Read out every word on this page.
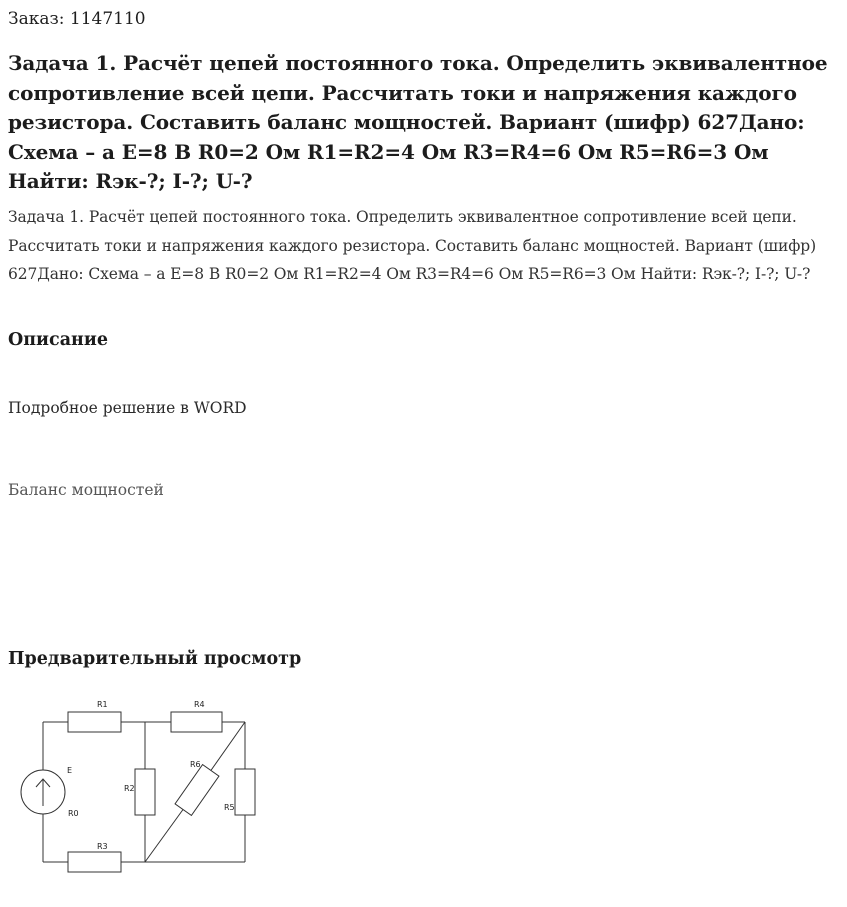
Заказ: 1147110
Задача 1. Расчёт цепей постоянного тока. Определить эквивалентное сопротивление всей цепи. Рассчитать токи и напряжения каждого резистора. Составить баланс мощностей. Вариант (шифр) 627Дано: Схема – а E=8 В R0=2 Ом R1=R2=4 Ом R3=R4=6 Ом R5=R6=3 Ом Найти: Rэк-?; I-?; U-?

Задача 1. Расчёт цепей постоянного тока. Определить эквивалентное сопротивление всей цепи. Рассчитать токи и напряжения каждого резистора. Составить баланс мощностей. Вариант (шифр) 627Дано: Схема – а E=8 В R0=2 Ом R1=R2=4 Ом R3=R4=6 Ом R5=R6=3 Ом Найти: Rэк-?; I-?; U-?

Описание

Подробное решение в WORD

Баланс мощностей

Предварительный просмотр
R1	R4
E
R6
R2
R5
R0
R3
